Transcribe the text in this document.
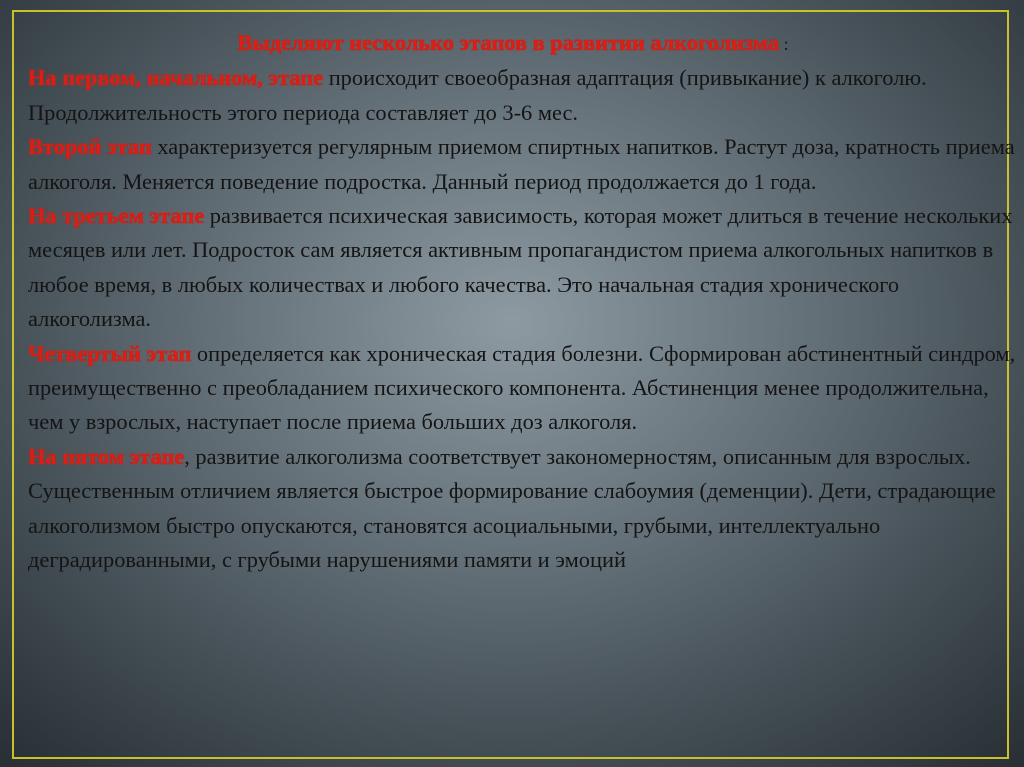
Выделяют несколько этапов в развитии алкоголизма :

На первом, начальном, этапе происходит своеобразная адаптация (привыкание) к алкоголю. Продолжительность этого периода составляет до 3-6 мес.

Второй этап характеризуется регулярным приемом спиртных напитков. Растут доза, кратность приема алкоголя. Меняется поведение подростка. Данный период продолжается до 1 года.

На третьем этапе развивается психическая зависимость, которая может длиться в течение нескольких месяцев или лет. Подросток сам является активным пропагандистом приема алкогольных напитков в любое время, в любых количествах и любого качества. Это начальная стадия хронического алкоголизма.

Четвертый этап определяется как хроническая стадия болезни. Сформирован абстинентный синдром, преимущественно с преобладанием психического компонента. Абстиненция менее продолжительна, чем у взрослых, наступает после приема больших доз алкоголя.

На пятом этапе, развитие алкоголизма соответствует закономерностям, описанным для взрослых. Существенным отличием является быстрое формирование слабоумия (деменции). Дети, страдающие алкоголизмом быстро опускаются, становятся асоциальными, грубыми, интеллектуально деградированными, с грубыми нарушениями памяти и эмоций
